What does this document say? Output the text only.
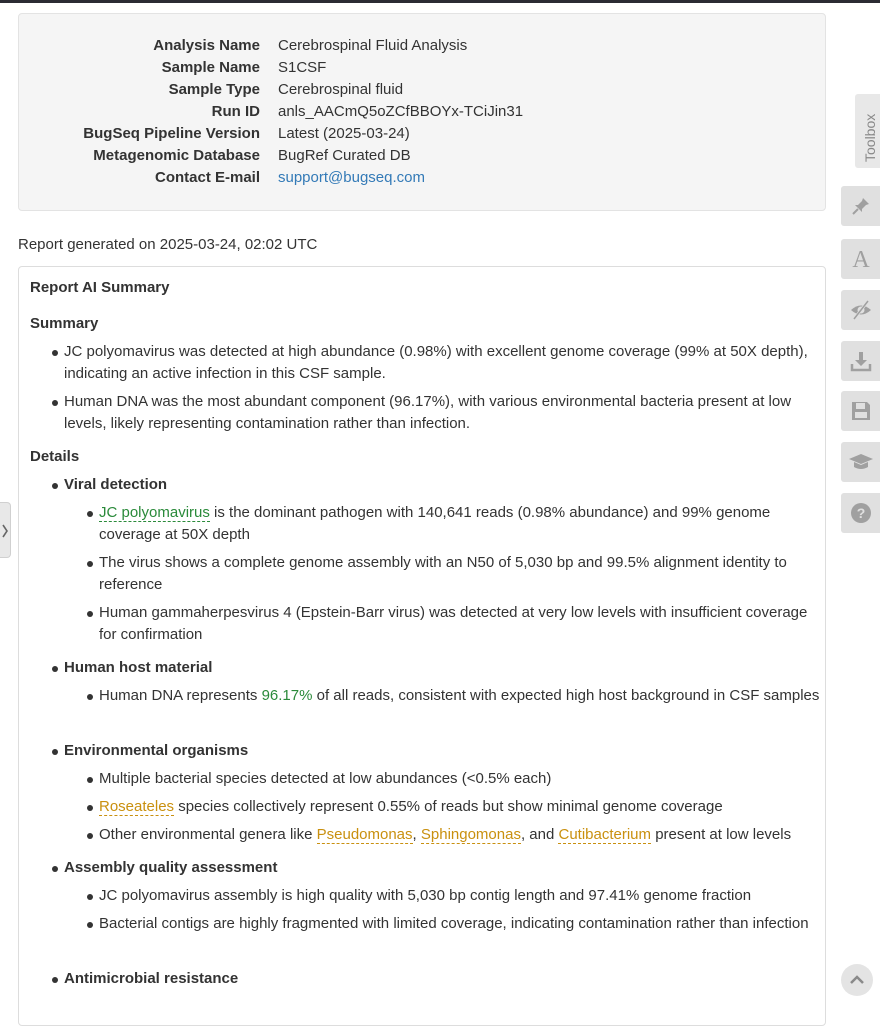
Analysis Name Cerebrospinal Fluid Analysis
Sample Name S1CSF
Sample Type Cerebrospinal fluid
Run ID anls_AACmQ5oZCfBBOYx-TCiJin31
BugSeq Pipeline Version Latest (2025-03-24)
Metagenomic Database BugRef Curated DB
Contact E-mail support@bugseq.com
Report generated on 2025-03-24, 02:02 UTC
Report AI Summary
Summary
JC polyomavirus was detected at high abundance (0.98%) with excellent genome coverage (99% at 50X depth), indicating an active infection in this CSF sample.
Human DNA was the most abundant component (96.17%), with various environmental bacteria present at low levels, likely representing contamination rather than infection.
Details
Viral detection
JC polyomavirus is the dominant pathogen with 140,641 reads (0.98% abundance) and 99% genome coverage at 50X depth
The virus shows a complete genome assembly with an N50 of 5,030 bp and 99.5% alignment identity to reference
Human gammaherpesvirus 4 (Epstein-Barr virus) was detected at very low levels with insufficient coverage for confirmation
Human host material
Human DNA represents 96.17% of all reads, consistent with expected high host background in CSF samples
Environmental organisms
Multiple bacterial species detected at low abundances (<0.5% each)
Roseateles species collectively represent 0.55% of reads but show minimal genome coverage
Other environmental genera like Pseudomonas, Sphingomonas, and Cutibacterium present at low levels
Assembly quality assessment
JC polyomavirus assembly is high quality with 5,030 bp contig length and 97.41% genome fraction
Bacterial contigs are highly fragmented with limited coverage, indicating contamination rather than infection
Antimicrobial resistance
Toolbox
A
?
